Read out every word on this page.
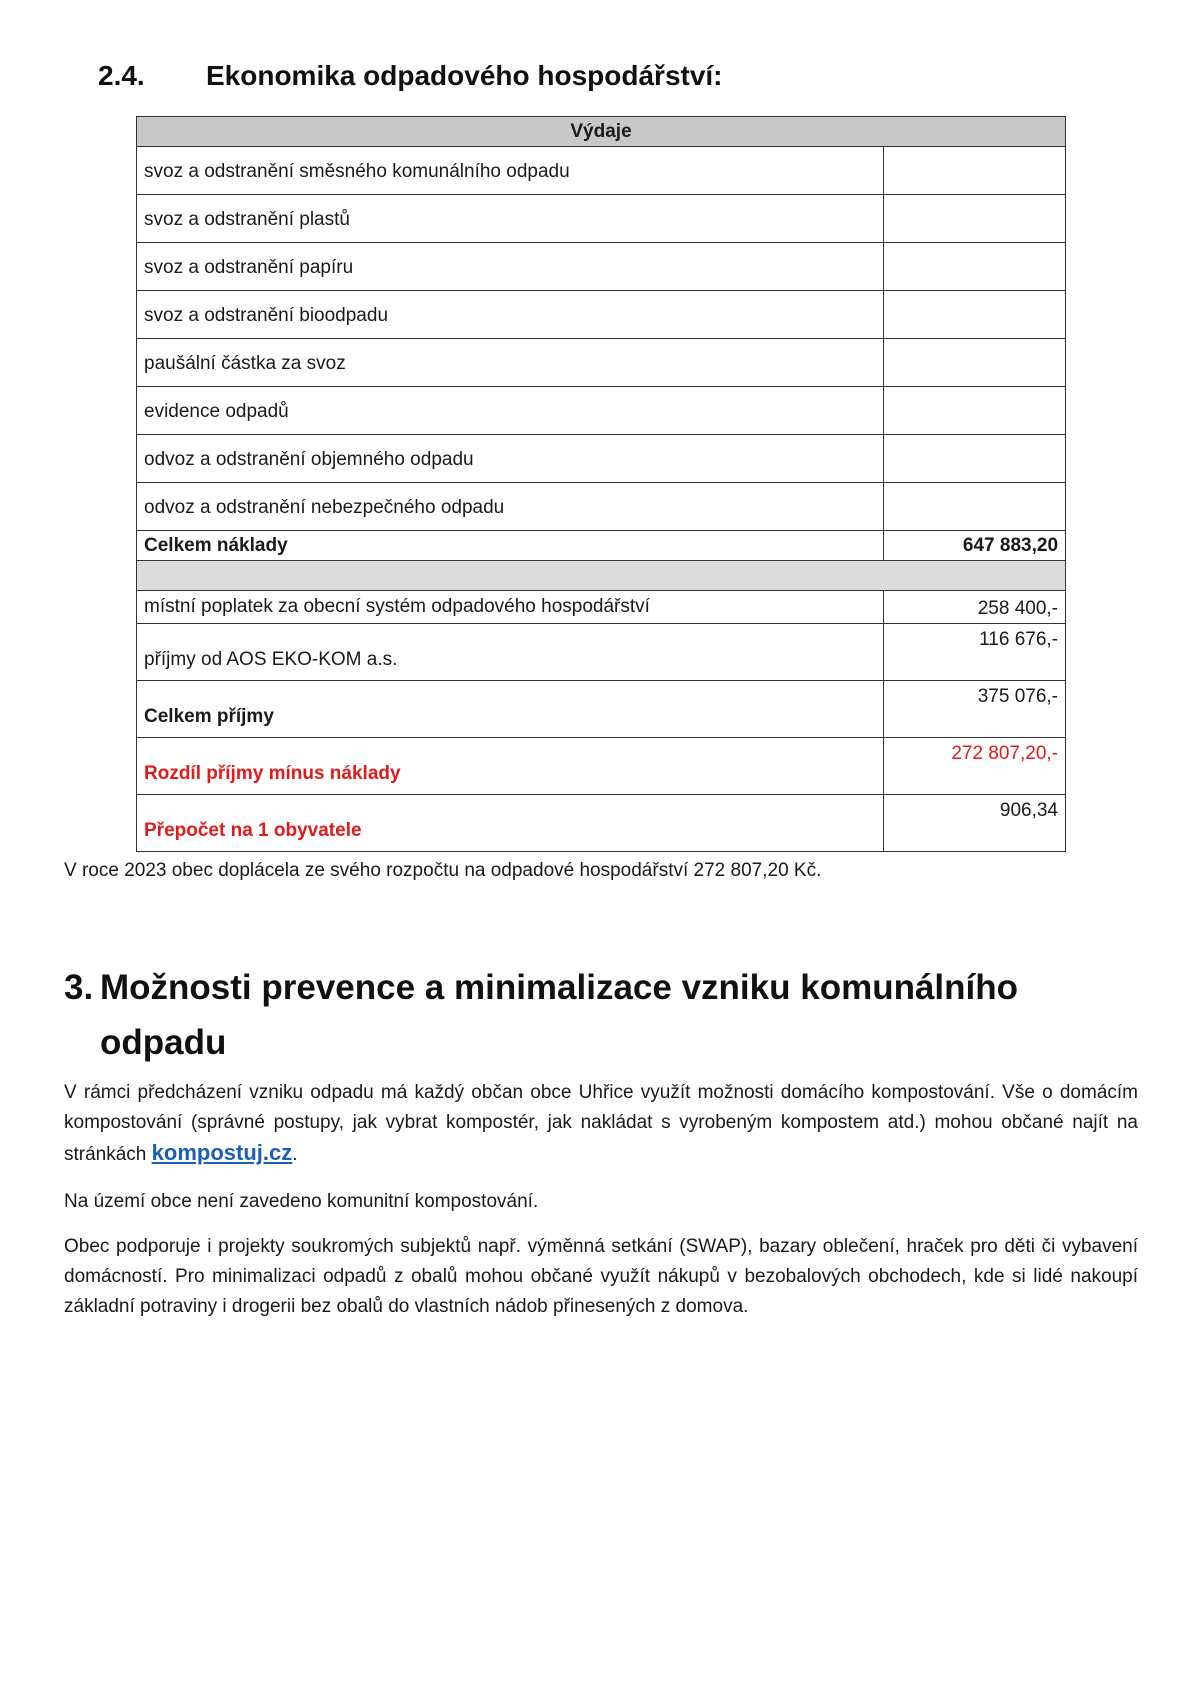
2.4. Ekonomika odpadového hospodářství:
Výdaje	
svoz a odstranění směsného komunálního odpadu	
svoz a odstranění plastů	
svoz a odstranění papíru	
svoz a odstranění bioodpadu	
paušální částka za svoz	
evidence odpadů	
odvoz a odstranění objemného odpadu	
odvoz a odstranění nebezpečného odpadu	
Celkem náklady	647 883,20

místní poplatek za obecní systém odpadového hospodářství	258 400,-
příjmy od AOS EKO-KOM a.s.	116 676,-
Celkem příjmy	375 076,-
Rozdíl příjmy mínus náklady	272 807,20,-
Přepočet na 1 obyvatele	906,34
V roce 2023 obec doplácela ze svého rozpočtu na odpadové hospodářství 272 807,20 Kč.
3. Možnosti prevence a minimalizace vzniku komunálního
odpadu
V rámci předcházení vzniku odpadu má každý občan obce Uhřice využít možnosti domácího kompostování. Vše o domácím kompostování (správné postupy, jak vybrat kompostér, jak nakládat s vyrobeným kompostem atd.) mohou občané najít na stránkách kompostuj.cz.
Na území obce není zavedeno komunitní kompostování.
Obec podporuje i projekty soukromých subjektů např. výměnná setkání (SWAP), bazary oblečení, hraček pro děti či vybavení domácností. Pro minimalizaci odpadů z obalů mohou občané využít nákupů v bezobalových obchodech, kde si lidé nakoupí základní potraviny i drogerii bez obalů do vlastních nádob přinesených z domova.
